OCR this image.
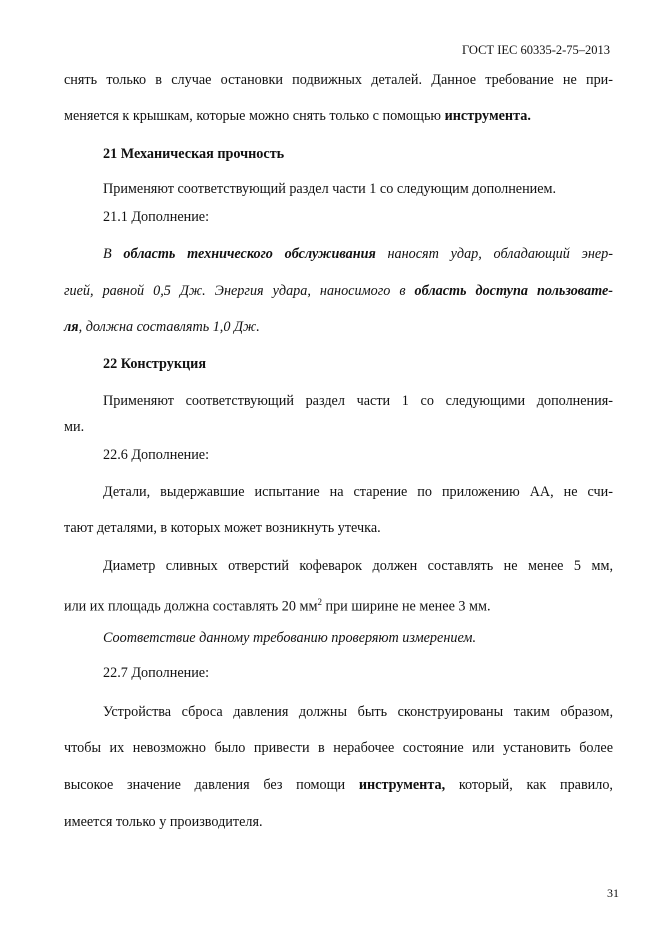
ГОСТ IEC 60335-2-75–2013
снять только в случае остановки подвижных деталей. Данное требование не при-
меняется к крышкам, которые можно снять только с помощью инструмента.
21 Механическая прочность
Применяют соответствующий раздел части 1 со следующим дополнением.
21.1 Дополнение:
В область технического обслуживания наносят удар, обладающий энер-
гией, равной 0,5 Дж. Энергия удара, наносимого в область доступа пользовате-
ля, должна составлять 1,0 Дж.
22 Конструкция
Применяют соответствующий раздел части 1 со следующими дополнения-
ми.
22.6 Дополнение:
Детали, выдержавшие испытание на старение по приложению АА, не счи-
тают деталями, в которых может возникнуть утечка.
Диаметр сливных отверстий кофеварок должен составлять не менее 5 мм,
или их площадь должна составлять 20 $мм^2$ при ширине не менее 3 мм.
Соответствие данному требованию проверяют измерением.
22.7 Дополнение:
Устройства сброса давления должны быть сконструированы таким образом,
чтобы их невозможно было привести в нерабочее состояние или установить более
высокое значение давления без помощи инструмента, который, как правило,
имеется только у производителя.
31
